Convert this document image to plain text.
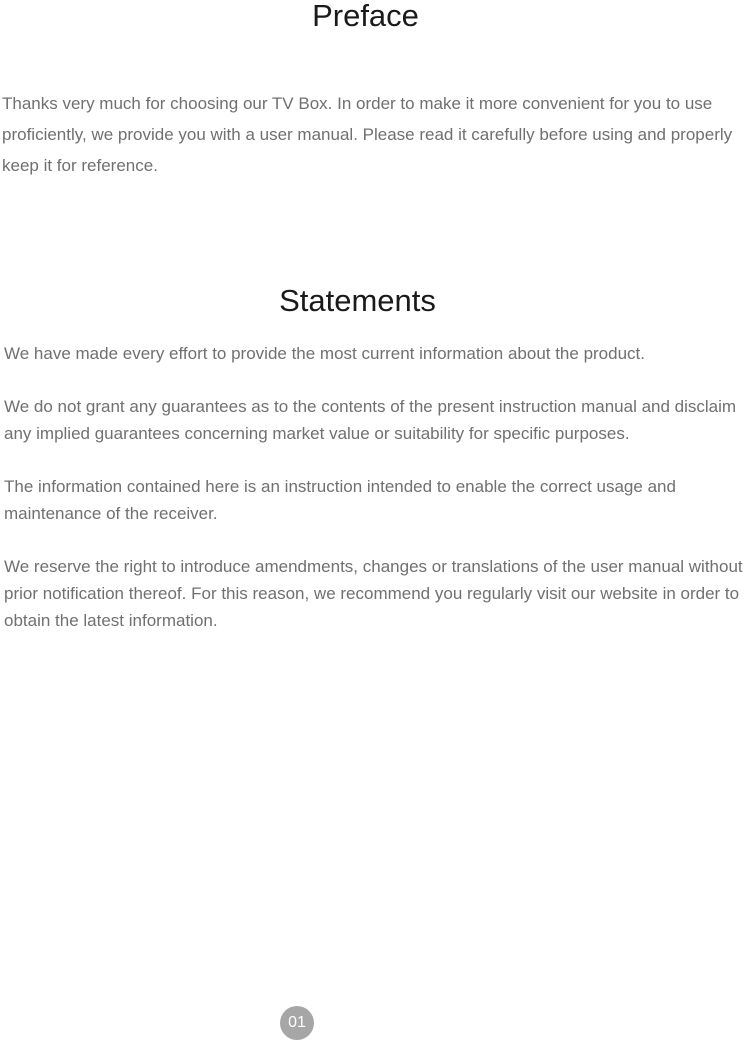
Preface

Thanks very much for choosing our TV Box. In order to make it more convenient for you to use proficiently, we provide you with a user manual. Please read it carefully before using and properly keep it for reference.

Statements

We have made every effort to provide the most current information about the product.

We do not grant any guarantees as to the contents of the present instruction manual and disclaim any implied guarantees concerning market value or suitability for specific purposes.

The information contained here is an instruction intended to enable the correct usage and maintenance of the receiver.

We reserve the right to introduce amendments, changes or translations of the user manual without prior notification thereof. For this reason, we recommend you regularly visit our website in order to obtain the latest information.

01
